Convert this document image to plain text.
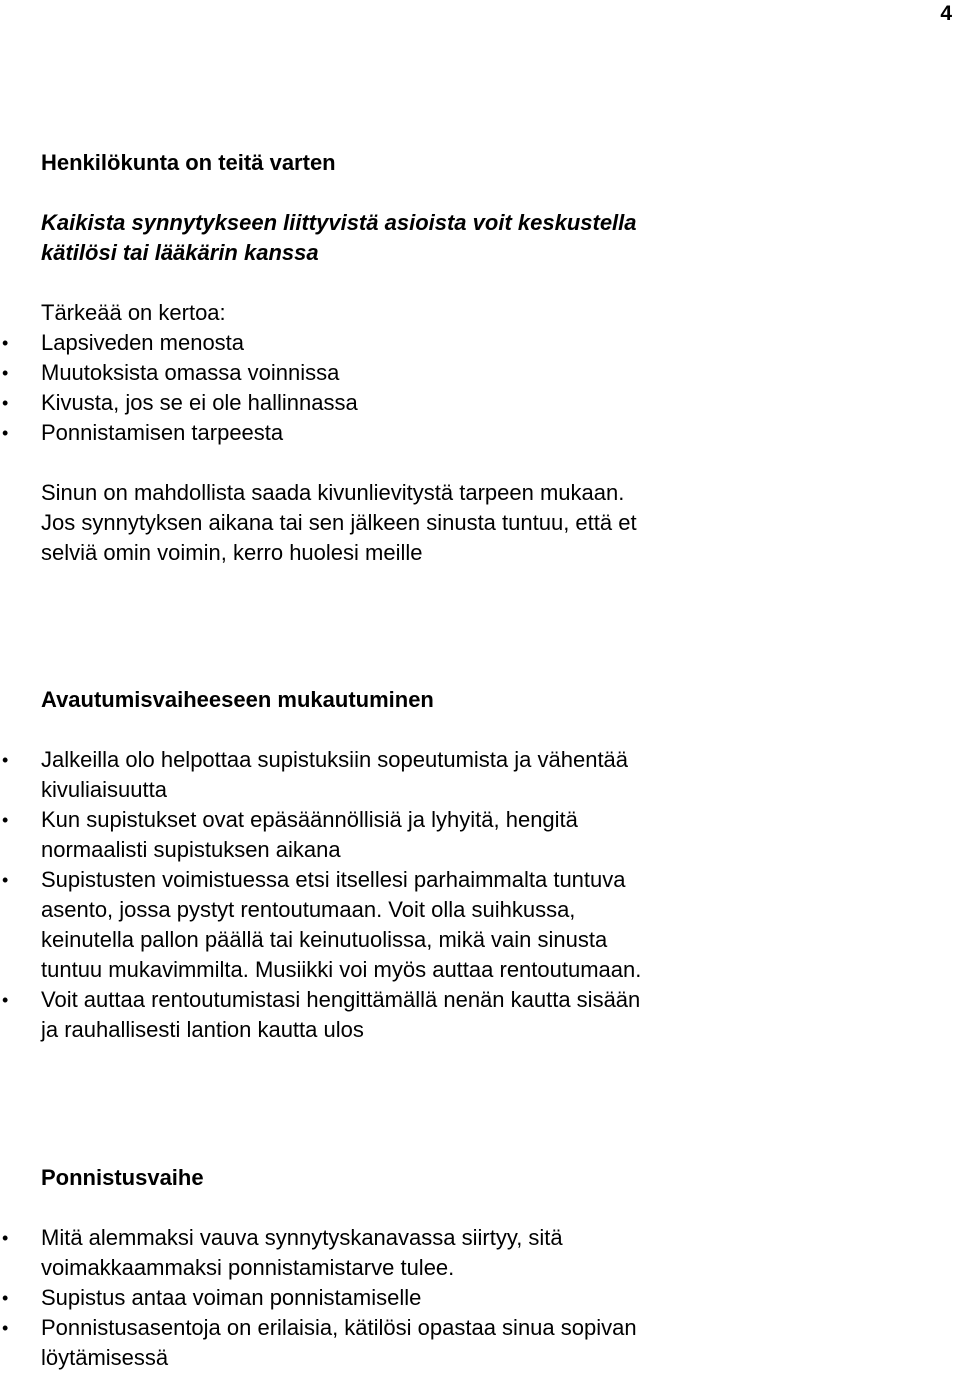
4
Henkilökunta on teitä varten
Kaikista synnytykseen liittyvistä asioista voit keskustella
kätilösi tai lääkärin kanssa
Tärkeää on kertoa:
• Lapsiveden menosta
• Muutoksista omassa voinnissa
• Kivusta, jos se ei ole hallinnassa
• Ponnistamisen tarpeesta
Sinun on mahdollista saada kivunlievitystä tarpeen mukaan.
Jos synnytyksen aikana tai sen jälkeen sinusta tuntuu, että et
selviä omin voimin, kerro huolesi meille
Avautumisvaiheeseen mukautuminen
• Jalkeilla olo helpottaa supistuksiin sopeutumista ja vähentää
kivuliaisuutta
• Kun supistukset ovat epäsäännöllisiä ja lyhyitä, hengitä
normaalisti supistuksen aikana
• Supistusten voimistuessa etsi itsellesi parhaimmalta tuntuva
asento, jossa pystyt rentoutumaan. Voit olla suihkussa,
keinutella pallon päällä tai keinutuolissa, mikä vain sinusta
tuntuu mukavimmilta. Musiikki voi myös auttaa rentoutumaan.
• Voit auttaa rentoutumistasi hengittämällä nenän kautta sisään
ja rauhallisesti lantion kautta ulos
Ponnistusvaihe
• Mitä alemmaksi vauva synnytyskanavassa siirtyy, sitä
voimakkaammaksi ponnistamistarve tulee.
• Supistus antaa voiman ponnistamiselle
• Ponnistusasentoja on erilaisia, kätilösi opastaa sinua sopivan
löytämisessä
